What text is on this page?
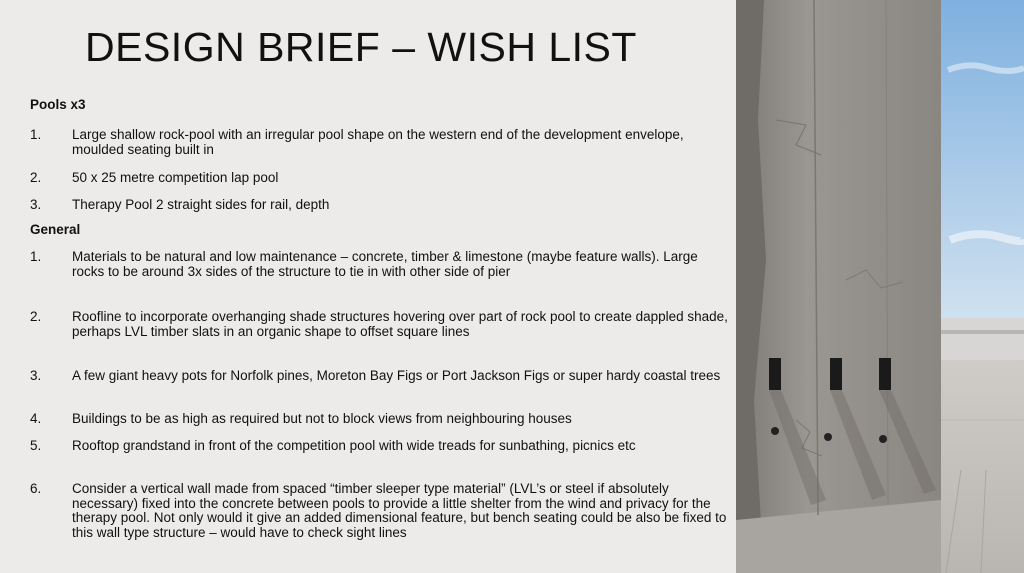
DESIGN BRIEF – WISH LIST
Pools x3
1. Large shallow rock-pool with an irregular pool shape on the western end of the development envelope, moulded seating built in
2. 50 x 25 metre competition lap pool
3. Therapy Pool 2 straight sides for rail, depth
General
1. Materials to be natural and low maintenance – concrete, timber & limestone (maybe feature walls). Large rocks to be around 3x sides of the structure to tie in with other side of pier
2. Roofline to incorporate overhanging shade structures hovering over part of rock pool to create dappled shade, perhaps LVL timber slats in an organic shape to offset square lines
3. A few giant heavy pots for Norfolk pines, Moreton Bay Figs or Port Jackson Figs or super hardy coastal trees
4. Buildings to be as high as required but not to block views from neighbouring houses
5. Rooftop grandstand in front of the competition pool with wide treads for sunbathing, picnics etc
6. Consider a vertical wall made from spaced “timber sleeper type material” (LVL’s or steel if absolutely necessary) fixed into the concrete between pools to provide a little shelter from the wind and privacy for the therapy pool. Not only would it give an added dimensional feature, but bench seating could be also be fixed to this wall type structure – would have to check sight lines
